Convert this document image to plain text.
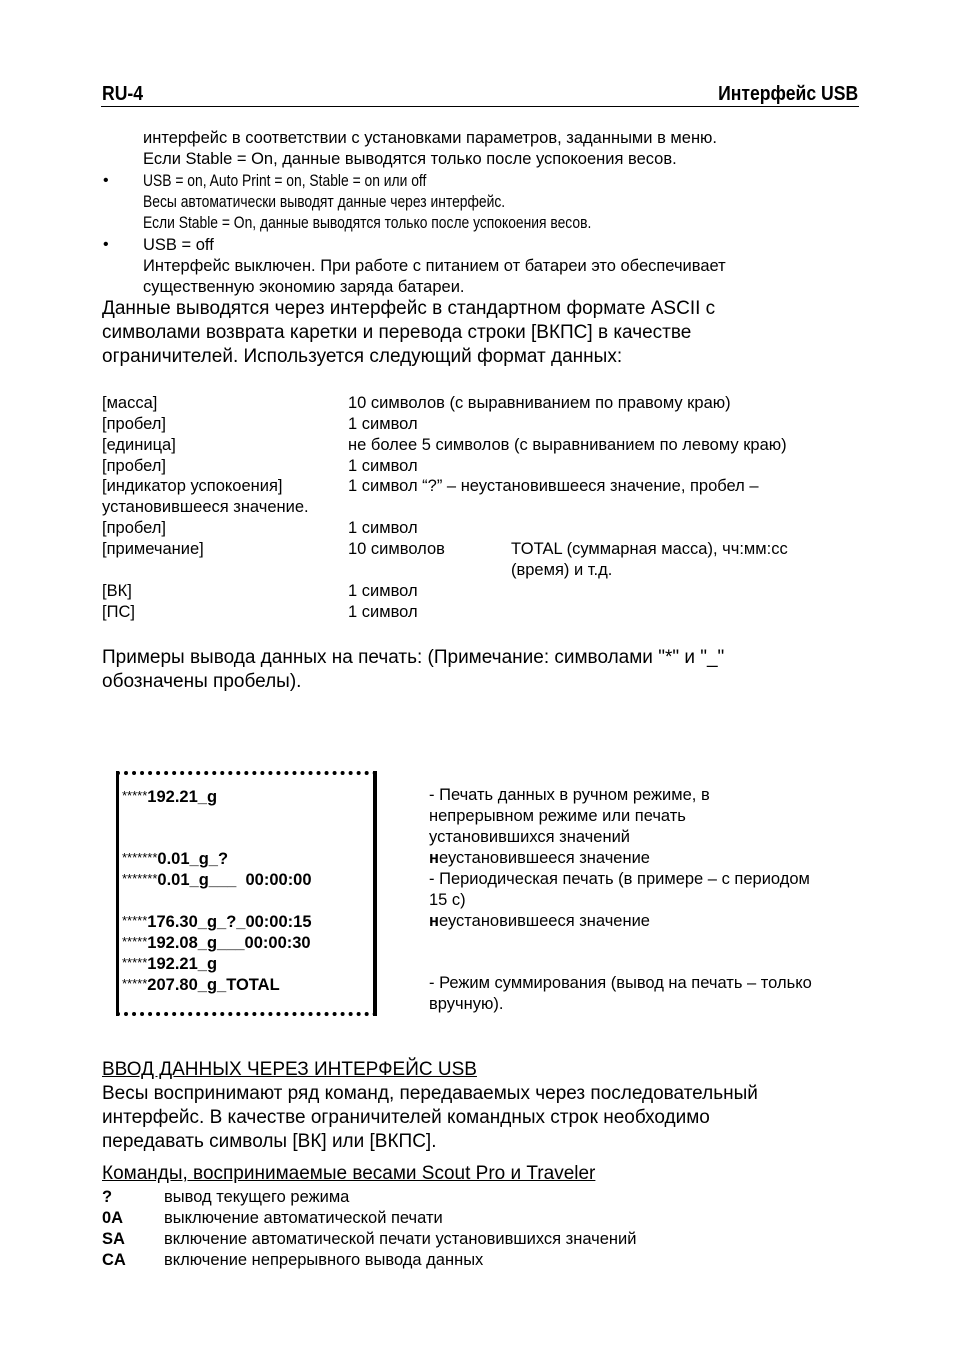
RU-4	Интерфейс USB
интерфейс в соответствии с установками параметров, заданными в меню.
Если Stable = On, данные выводятся только после успокоения весов.
• USB = on, Auto Print = on, Stable = on или off
Весы автоматически выводят данные через интерфейс.
Если Stable = On, данные выводятся только после успокоения весов.
• USB = off
Интерфейс выключен. При работе с питанием от батареи это обеспечивает
существенную экономию заряда батареи.
Данные выводятся через интерфейс в стандартном формате ASCII с
символами возврата каретки и перевода строки [ВКПС] в качестве
ограничителей. Используется следующий формат данных:
[масса]	10 символов (с выравниванием по правому краю)
[пробел]	1 символ
[единица]	не более 5 символов (с выравниванием по левому краю)
[пробел]	1 символ
[индикатор успокоения]	1 символ “?” – неустановившееся значение, пробел –
установившееся значение.
[пробел]	1 символ
[примечание]	10 символов	TOTAL (суммарная масса), чч:мм:сс
(время) и т.д.
[ВК]	1 символ
[ПС]	1 символ
Примеры вывода данных на печать: (Примечание: символами "*" и "_"
обозначены пробелы).
*****192.21_g
*******0.01_g_?
*******0.01_g___  00:00:00
*****176.30_g_?_00:00:15
*****192.08_g___00:00:30
*****192.21_g
*****207.80_g_TOTAL
- Печать данных в ручном режиме, в
непрерывном режиме или печать
установившихся значений
неустановившееся значение
- Периодическая печать (в примере – с периодом
15 с)
неустановившееся значение
- Режим суммирования (вывод на печать – только
вручную).
ВВОД ДАННЫХ ЧЕРЕЗ ИНТЕРФЕЙС USB
Весы воспринимают ряд команд, передаваемых через последовательный
интерфейс. В качестве ограничителей командных строк необходимо
передавать символы [ВК] или [ВКПС].
Команды, воспринимаемые весами Scout Pro и Traveler
?	вывод текущего режима
0A выключение автоматической печати
SA включение автоматической печати установившихся значений
CA включение непрерывного вывода данных
